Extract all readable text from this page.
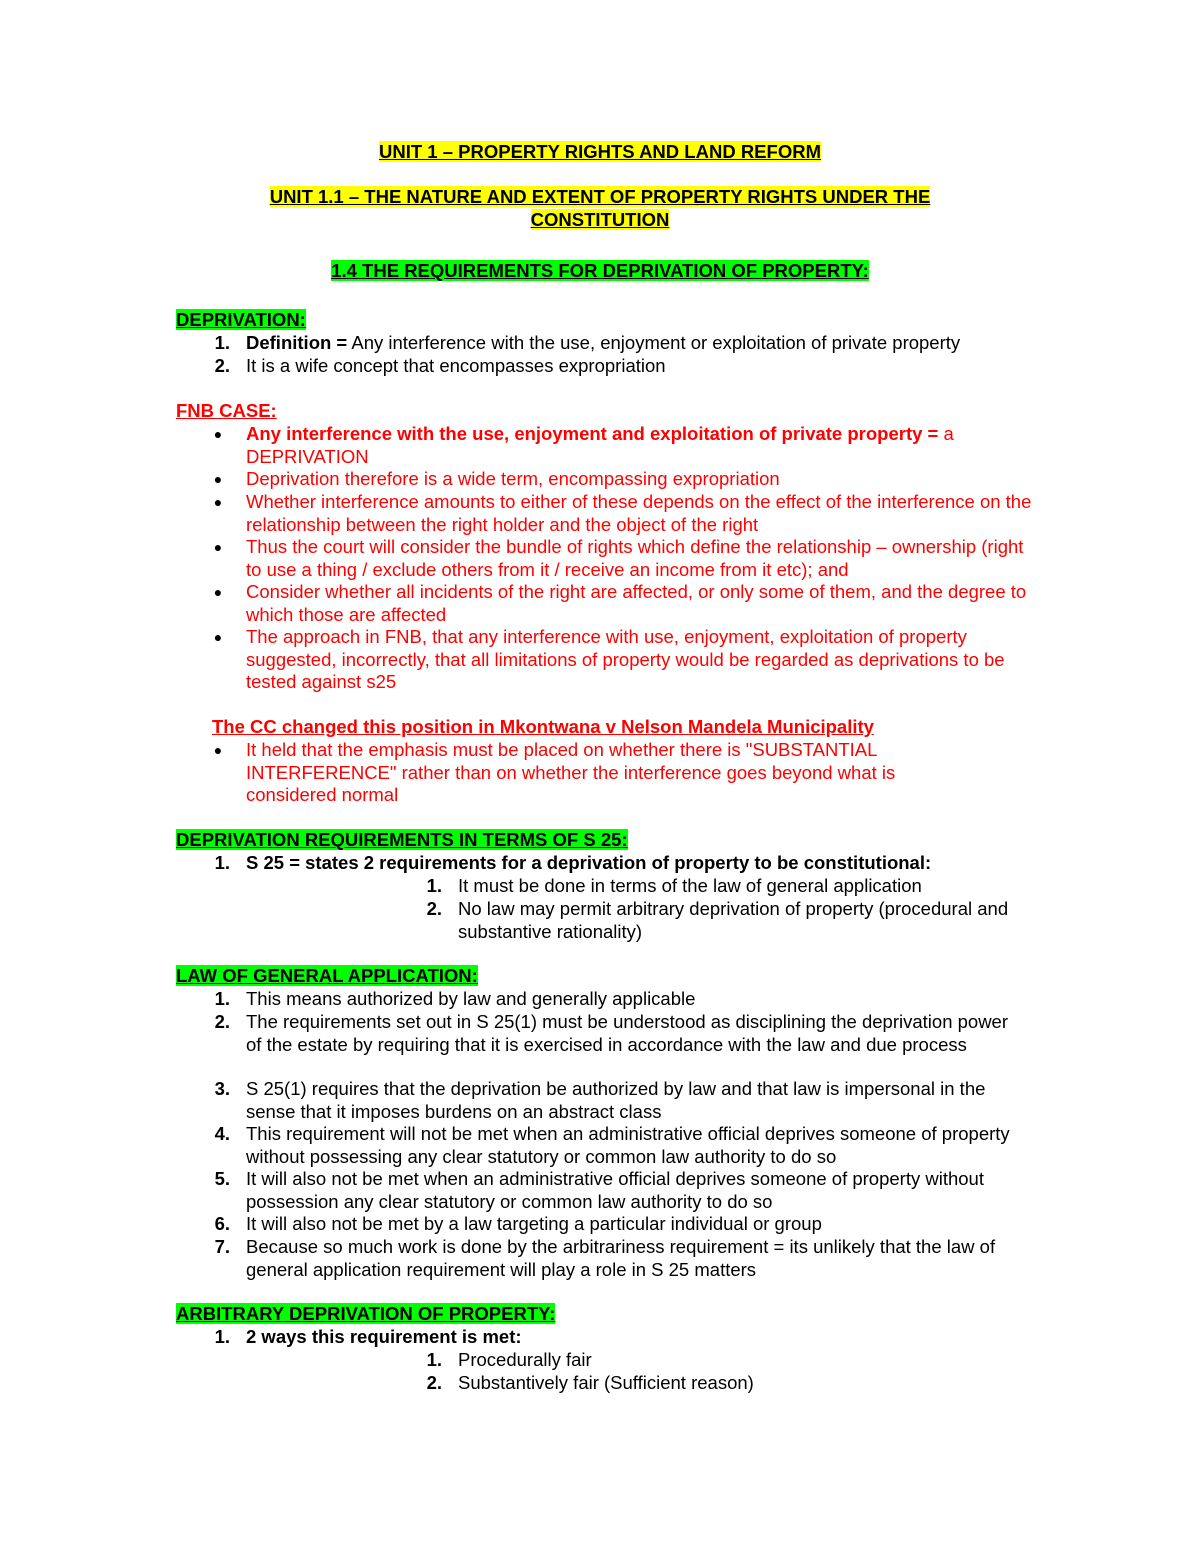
UNIT 1 – PROPERTY RIGHTS AND LAND REFORM
UNIT 1.1 – THE NATURE AND EXTENT OF PROPERTY RIGHTS UNDER THE
CONSTITUTION
1.4 THE REQUIREMENTS FOR DEPRIVATION OF PROPERTY:
DEPRIVATION:
1. Definition = Any interference with the use, enjoyment or exploitation of private property
2. It is a wife concept that encompasses expropriation
FNB CASE:
●	Any interference with the use, enjoyment and exploitation of private property = a DEPRIVATION
●	Deprivation therefore is a wide term, encompassing expropriation
●	Whether interference amounts to either of these depends on the effect of the interference on the relationship between the right holder and the object of the right
●	Thus the court will consider the bundle of rights which define the relationship – ownership (right to use a thing / exclude others from it / receive an income from it etc); and
●	Consider whether all incidents of the right are affected, or only some of them, and the degree to which those are affected
●	The approach in FNB, that any interference with use, enjoyment, exploitation of property suggested, incorrectly, that all limitations of property would be regarded as deprivations to be tested against s25
The CC changed this position in Mkontwana v Nelson Mandela Municipality
●	It held that the emphasis must be placed on whether there is "SUBSTANTIAL INTERFERENCE" rather than on whether the interference goes beyond what is considered normal
DEPRIVATION REQUIREMENTS IN TERMS OF S 25:
1. S 25 = states 2 requirements for a deprivation of property to be constitutional:
1. It must be done in terms of the law of general application
2. No law may permit arbitrary deprivation of property (procedural and substantive rationality)
LAW OF GENERAL APPLICATION:
1. This means authorized by law and generally applicable
2. The requirements set out in S 25(1) must be understood as disciplining the deprivation power of the estate by requiring that it is exercised in accordance with the law and due process
3. S 25(1) requires that the deprivation be authorized by law and that law is impersonal in the sense that it imposes burdens on an abstract class
4. This requirement will not be met when an administrative official deprives someone of property without possessing any clear statutory or common law authority to do so
5. It will also not be met when an administrative official deprives someone of property without possession any clear statutory or common law authority to do so
6. It will also not be met by a law targeting a particular individual or group
7. Because so much work is done by the arbitrariness requirement = its unlikely that the law of general application requirement will play a role in S 25 matters
ARBITRARY DEPRIVATION OF PROPERTY:
1. 2 ways this requirement is met:
1. Procedurally fair
2. Substantively fair (Sufficient reason)
